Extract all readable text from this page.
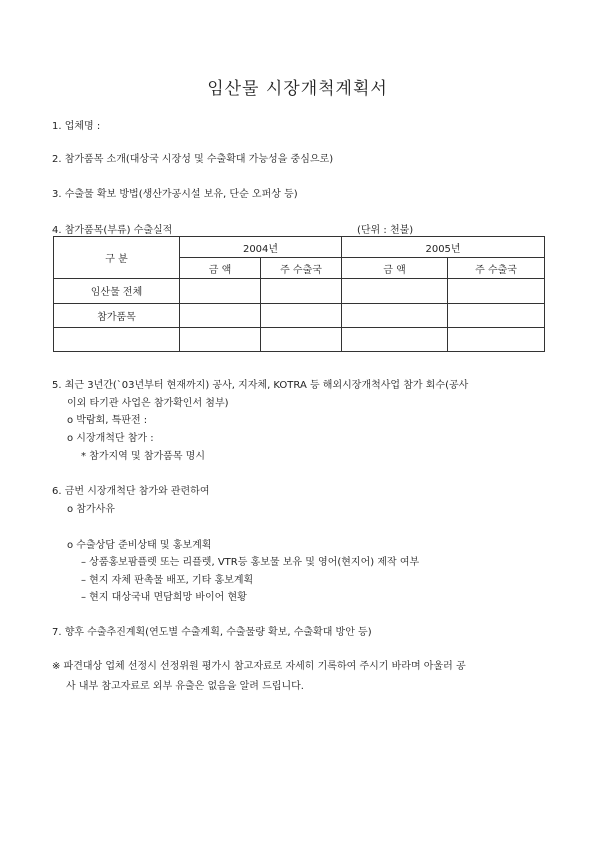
임산물 시장개척계획서
1. 업체명 :
2. 참가품목 소개(대상국 시장성 및 수출확대 가능성을 중심으로)
3. 수출물 확보 방법(생산가공시설 보유, 단순 오퍼상 등)
4. 참가품목(부류) 수출실적	(단위 : 천불)
구 분	2004년		2005년	
	금 액	주 수출국	금 액	주 수출국
임산물 전체				
참가품목				

5. 최근 3년간(`03년부터 현재까지) 공사, 지자체, KOTRA 등 해외시장개척사업 참가 회수(공사
이외 타기관 사업은 참가확인서 첨부)
o 박람회, 특판전 :
o 시장개척단 참가 :
* 참가지역 및 참가품목 명시
6. 금번 시장개척단 참가와 관련하여
o 참가사유
o 수출상담 준비상태 및 홍보계획
– 상품홍보팜플렛 또는 리플렛, VTR등 홍보물 보유 및 영어(현지어) 제작 여부
– 현지 자체 판촉물 배포, 기타 홍보계획
– 현지 대상국내 면담희망 바이어 현황
7. 향후 수출추진계획(연도별 수출계획, 수출물량 확보, 수출확대 방안 등)
※ 파견대상 업체 선정시 선정위원 평가시 참고자료로 자세히 기록하여 주시기 바라며 아울러 공
사 내부 참고자료로 외부 유출은 없음을 알려 드립니다.
